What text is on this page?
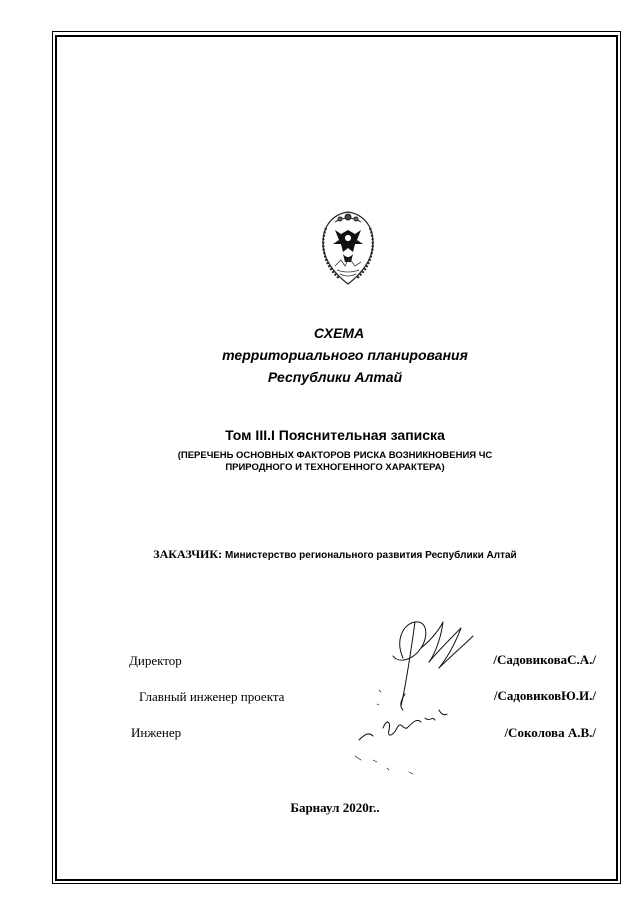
СХЕМА
территориального планирования
Республики Алтай
Том III.I Пояснительная записка
(ПЕРЕЧЕНЬ ОСНОВНЫХ ФАКТОРОВ РИСКА ВОЗНИКНОВЕНИЯ ЧС
ПРИРОДНОГО И ТЕХНОГЕННОГО ХАРАКТЕРА)
ЗАКАЗЧИК: Министерство регионального развития Республики Алтай
Директор	/СадовиковаС.А./
Главный инженер проекта	/СадовиковЮ.И./
Инженер	/Соколова А.В./
Барнаул 2020г..
